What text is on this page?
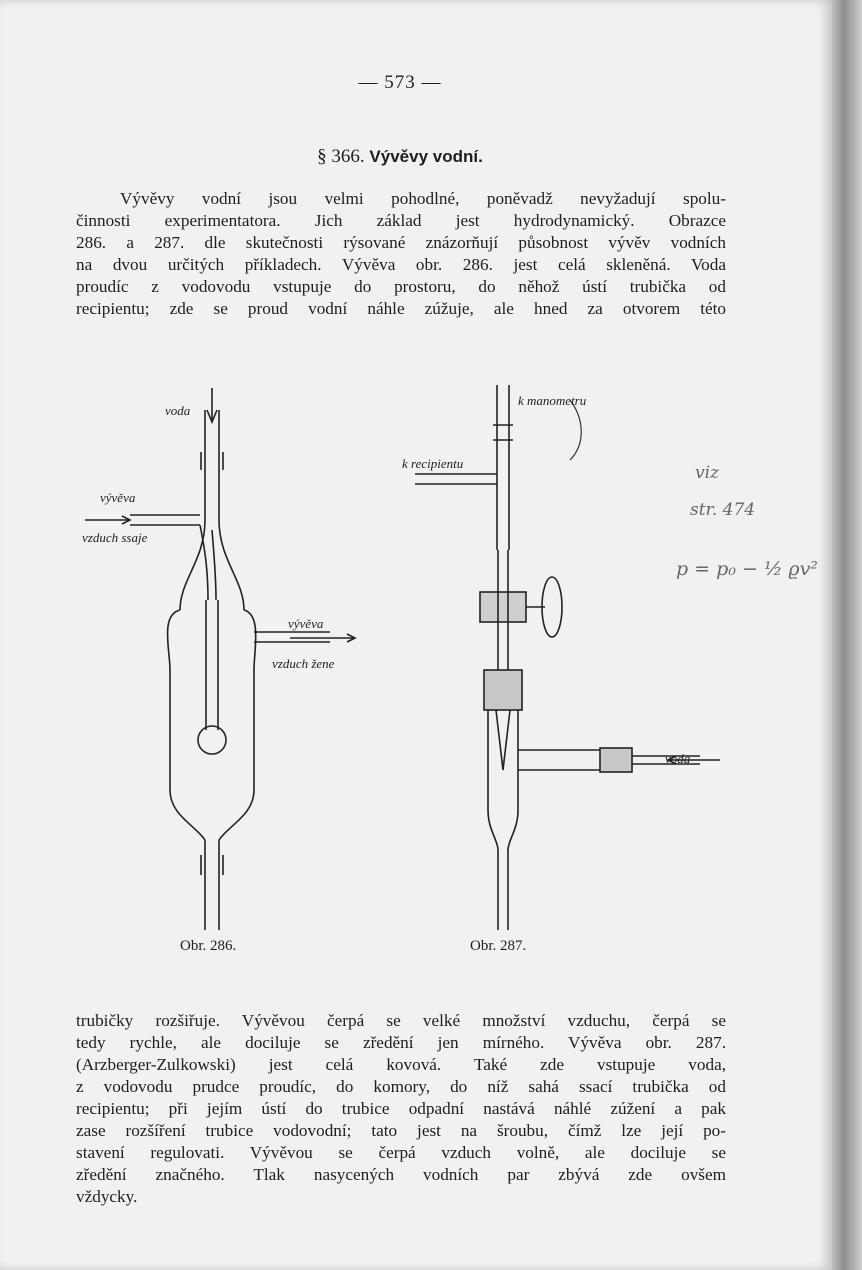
— 573 —
§ 366. Vývěvy vodní.
Vývěvy vodní jsou velmi pohodlné, poněvadž nevyžadují spolu-
činnosti experimentatora. Jich základ jest hydrodynamický. Obrazce
286. a 287. dle skutečnosti rýsované znázorňují působnost vývěv vodních
na dvou určitých příkladech. Vývěva obr. 286. jest celá skleněná. Voda
proudíc z vodovodu vstupuje do prostoru, do něhož ústí trubička od
recipientu; zde se proud vodní náhle zúžuje, ale hned za otvorem této
voda
vývěva
vzduch ssaje
vývěva
vzduch žene
k manometru
k recipientu
voda
viz
str. 474
p = p₀ − ½ ϱv²
Obr. 286.	Obr. 287.
trubičky rozšiřuje. Vývěvou čerpá se velké množství vzduchu, čerpá se
tedy rychle, ale dociluje se zředění jen mírného. Vývěva obr. 287.
(Arzberger-Zulkowski) jest celá kovová. Také zde vstupuje voda,
z vodovodu prudce proudíc, do komory, do níž sahá ssací trubička od
recipientu; při jejím ústí do trubice odpadní nastává náhlé zúžení a pak
zase rozšíření trubice vodovodní; tato jest na šroubu, čímž lze její po-
stavení regulovati. Vývěvou se čerpá vzduch volně, ale dociluje se
zředění značného. Tlak nasycených vodních par zbývá zde ovšem
vždycky.
